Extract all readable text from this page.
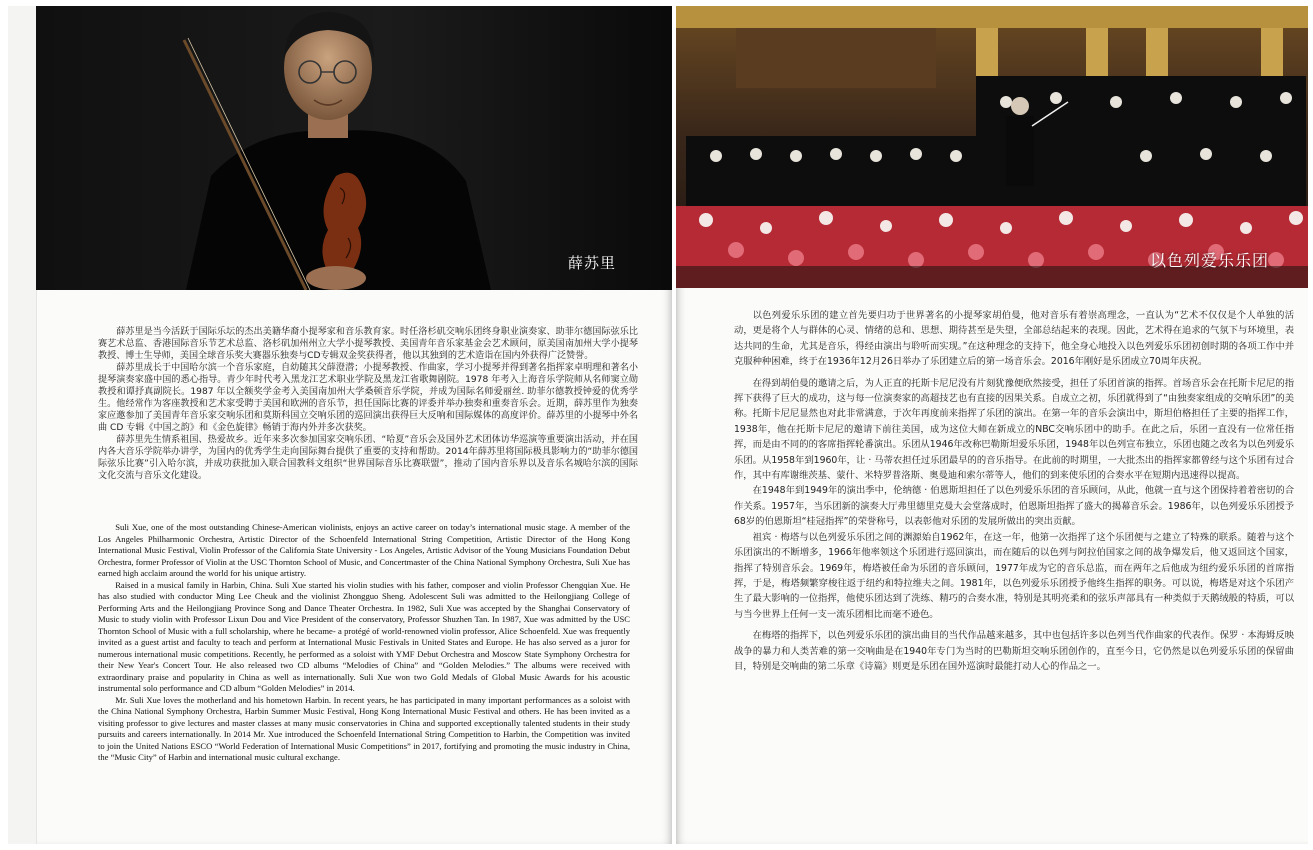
薛苏里

薛苏里是当今活跃于国际乐坛的杰出美籍华裔小提琴家和音乐教育家。时任洛杉矶交响乐团终身职业演奏家、助菲尔德国际弦乐比赛艺术总监、香港国际音乐节艺术总监、洛杉矶加州州立大学小提琴教授、美国青年音乐家基金会艺术顾问，原美国南加州大学小提琴教授、博士生导师，美国全球音乐奖大赛器乐独奏与CD专辑双金奖获得者，他以其独到的艺术造诣在国内外获得广泛赞誉。

薛苏里成长于中国哈尔滨一个音乐家庭，自幼随其父薛澄潜；小提琴教授、作曲家，学习小提琴并得到著名指挥家卓明理和著名小提琴演奏家盛中国的悉心指导。青少年时代考入黑龙江艺术职业学院及黑龙江省歌舞剧院。1978 年考入上海音乐学院师从名师窦立勋教授和谭抒真副院长。1987 年以全额奖学金考入美国南加州大学桑顿音乐学院，并成为国际名师爱丽丝. 助菲尔德教授钟爱的优秀学生。他经常作为客座教授和艺术家受聘于美国和欧洲的音乐节，担任国际比赛的评委并举办独奏和重奏音乐会。近期，薛苏里作为独奏家应邀参加了美国青年音乐家交响乐团和莫斯科国立交响乐团的巡回演出获得巨大反响和国际媒体的高度评价。薛苏里的小提琴中外名曲 CD 专辑《中国之韵》和《金色旋律》畅销于海内外并多次获奖。

薛苏里先生情系祖国、热爱故乡。近年来多次参加国家交响乐团、“哈夏”音乐会及国外艺术团体访华巡演等重要演出活动，并在国内各大音乐学院举办讲学，为国内的优秀学生走向国际舞台提供了重要的支持和帮助。2014年薛苏里将国际极具影响力的“助菲尔德国际弦乐比赛”引入哈尔滨，并成功获批加入联合国教科文组织“世界国际音乐比赛联盟”，推动了国内音乐界以及音乐名城哈尔滨的国际文化交流与音乐文化建设。

Suli Xue, one of the most outstanding Chinese-American violinists, enjoys an active career on today’s international music stage. A member of the Los Angeles Philharmonic Orchestra, Artistic Director of the Schoenfeld International String Competition, Artistic Director of the Hong Kong International Music Festival, Violin Professor of the California State University - Los Angeles, Artistic Advisor of the Young Musicians Foundation Debut Orchestra, former Professor of Violin at the USC Thornton School of Music, and Concertmaster of the China National Symphony Orchestra, Suli Xue has earned high acclaim around the world for his unique artistry.

Raised in a musical family in Harbin, China. Suli Xue started his violin studies with his father, composer and violin Professor Chengqian Xue. He has also studied with conductor Ming Lee Cheuk and the violinist Zhongguo Sheng. Adolescent Suli was admitted to the Heilongjiang College of Performing Arts and the Heilongjiang Province Song and Dance Theater Orchestra. In 1982, Suli Xue was accepted by the Shanghai Conservatory of Music to study violin with Professor Lixun Dou and Vice President of the conservatory, Professor Shuzhen Tan. In 1987, Xue was admitted by the USC Thornton School of Music with a full scholarship, where he became- a protégé of world-renowned violin professor, Alice Schoenfeld. Xue was frequently invited as a guest artist and faculty to teach and perform at International Music Festivals in United States and Europe. He has also served as a juror for numerous international music competitions. Recently, he performed as a soloist with YMF Debut Orchestra and Moscow State Symphony Orchestra for their New Year's Concert Tour. He also released two CD albums “Melodies of China” and “Golden Melodies.” The albums were received with extraordinary praise and popularity in China as well as internationally. Suli Xue won two Gold Medals of Global Music Awards for his acoustic instrumental solo performance and CD album “Golden Melodies” in 2014.

Mr. Suli Xue loves the motherland and his hometown Harbin. In recent years, he has participated in many important performances as a soloist with the China National Symphony Orchestra, Harbin Summer Music Festival, Hong Kong International Music Festival and others. He has been invited as a visiting professor to give lectures and master classes at many music conservatories in China and supported exceptionally talented students in their study pursuits and careers internationally. In 2014 Mr. Xue introduced the Schoenfeld International String Competition to Harbin, the Competition was invited to join the United Nations ESCO “World Federation of International Music Competitions” in 2017, fortifying and promoting the music industry in China, the “Music City” of Harbin and international music cultural exchange.

以色列爱乐乐团

以色列爱乐乐团的建立首先要归功于世界著名的小提琴家胡伯曼，他对音乐有着崇高理念，一直认为“艺术不仅仅是个人单独的活动，更是将个人与群体的心灵、情绪的总和、思想、期待甚至是失望，全部总结起来的表现。因此，艺术得在追求的气氛下与环境里，表达共同的生命，尤其是音乐，得经由演出与聆听而实现。”在这种理念的支持下，他全身心地投入以色列爱乐乐团初创时期的各项工作中并克服种种困难，终于在1936年12月26日举办了乐团建立后的第一场音乐会。2016年刚好是乐团成立70周年庆祝。

在得到胡伯曼的邀请之后，为人正直的托斯卡尼尼没有片刻犹豫便欣然接受，担任了乐团首演的指挥。首场音乐会在托斯卡尼尼的指挥下获得了巨大的成功，这与每一位演奏家的高超技艺也有直接的因果关系。自成立之初，乐团就得到了“由独奏家组成的交响乐团”的美称。托斯卡尼尼显然也对此非常满意，于次年再度前来指挥了乐团的演出。在第一年的音乐会演出中，斯坦伯格担任了主要的指挥工作，1938年，他在托斯卡尼尼的邀请下前往美国，成为这位大师在新成立的NBC交响乐团中的助手。在此之后，乐团一直没有一位常任指挥，而是由不同的的客席指挥轮番演出。乐团从1946年改称巴勒斯坦爱乐乐团，1948年以色列宣布独立，乐团也随之改名为以色列爱乐乐团。从1958年到1960年，让 · 马蒂农担任过乐团最早的的音乐指导。在此前的时期里，一大批杰出的指挥家都曾经与这个乐团有过合作，其中有库谢维茨基、蒙什、米特罗普洛斯、奥曼迪和索尔蒂等人，他们的到来使乐团的合奏水平在短期内迅速得以提高。

在1948年到1949年的演出季中，伦纳德 · 伯恩斯坦担任了以色列爱乐乐团的音乐顾问，从此，他就一直与这个团保持着着密切的合作关系。1957年，当乐团新的演奏大厅弗里德里克曼大会堂落成时，伯恩斯坦指挥了盛大的揭幕音乐会。1986年，以色列爱乐乐团授予68岁的伯恩斯坦“桂冠指挥”的荣誉称号，以表彰他对乐团的发展所做出的突出贡献。

祖宾 · 梅塔与以色列爱乐乐团之间的渊源始自1962年，在这一年，他第一次指挥了这个乐团便与之建立了特殊的联系。随着与这个乐团演出的不断增多，1966年他率领这个乐团进行巡回演出，而在随后的以色列与阿拉伯国家之间的战争爆发后，他又返回这个国家，指挥了特别音乐会。1969年，梅塔被任命为乐团的音乐顾问，1977年成为它的音乐总监，而在两年之后他成为纽约爱乐乐团的首席指挥，于是，梅塔频繁穿梭往返于纽约和特拉维夫之间。1981年，以色列爱乐乐团授予他终生指挥的职务。可以说，梅塔是对这个乐团产生了最大影响的一位指挥，他使乐团达到了洗练、精巧的合奏水准，特别是其明亮柔和的弦乐声部具有一种类似于天鹅绒般的特质，可以与当今世界上任何一支一流乐团相比而毫不逊色。

在梅塔的指挥下，以色列爱乐乐团的演出曲目的当代作品越来越多，其中也包括许多以色列当代作曲家的代表作。保罗 · 本海姆反映战争的暴力和人类苦难的第一交响曲是在1940年专门为当时的巴勒斯坦交响乐团创作的，直至今日，它仍然是以色列爱乐乐团的保留曲目，特别是交响曲的第二乐章《诗篇》则更是乐团在国外巡演时最能打动人心的作品之一。
